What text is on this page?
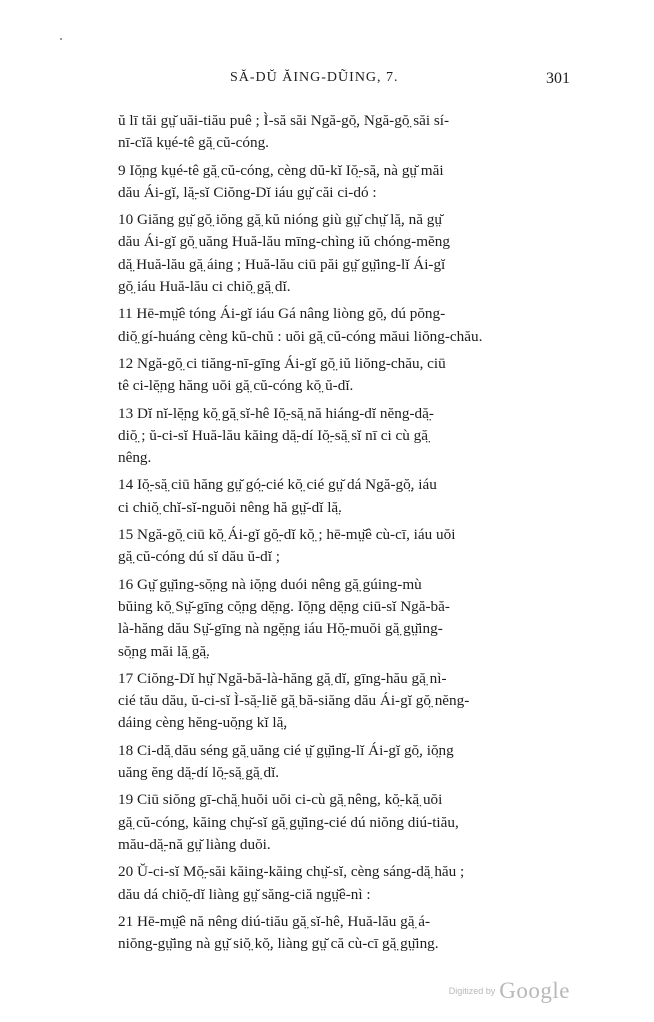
SĂ-DŬ ĂING-DŨING, 7.	301
ŭ lī tăi gṳ̆ uăi-tiău puê ; Ì-să săi Ngă-gŏ̤, Ngă-gŏ̤ săi sí-
nī-cĭă kṳé-tê gă̤ cŭ-cóng.
9 Iŏ̤ng kṳé-tê gă̤ cŭ-cóng, cèng dŭ-kĭ Iŏ̤-să̤, nà gṳ̆ măi
dău Ái-gĭ, lă̤-sĭ Ciŏng-Dĭ iáu gṳ̆ căi ci-dó :
10 Giăng gṳ̆ gŏ̤ iŏng gă̤ kŭ nióng giù gṳ̆ chṳ̆ lă̤, nă gṳ̆
dău Ái-gĭ gŏ̤ uăng Huă-lău mīng-chìng iŭ chóng-mĕng
dă̤ Huă-lău gă̤ áing ; Huă-lău ciū păi gṳ̆ gṳ̆ing-lĭ Ái-gĭ
gŏ̤ iáu Huă-lău ci chiŏ̤ gă̤ dĭ.
11 Hē-mṳ̆ê tóng Ái-gĭ iáu Gá nâng liòng gŏ̤, dú pŏng-
diŏ̤ gí-huáng cèng kŭ-chŭ : uŏi gă̤ cŭ-cóng măui liŏng-chău.
12 Ngă-gŏ̤ ci tiăng-nī-gīng Ái-gĭ gŏ̤ iŭ liŏng-chău, ciū
tê ci-lĕ̤ng hăng uŏi gă̤ cŭ-cóng kŏ̤ ŭ-dĭ.
13 Dĭ nĭ-lĕ̤ng kŏ̤ gă̤ sĭ-hê Iŏ̤-să̤ nă hiáng-dĭ nĕng-dă̤-
diŏ̤ ; ŭ-ci-sĭ Huă-lău kăing dă̤-dí Iŏ̤-să̤ sĭ nī ci cù gă̤
nêng.
14 Iŏ̤-să̤ ciū hăng gṳ̆ gó̤-cié kŏ̤ cié gṳ̆ dá Ngă-gŏ̤, iáu
ci chiŏ̤ chĭ-sĭ-nguŏi nêng hă gṳ̆-dĭ lă̤.
15 Ngă-gŏ̤ ciū kŏ̤ Ái-gĭ gŏ̤-dĭ kŏ̤ ; hē-mṳ̆ê cù-cī, iáu uŏi
gă̤ cŭ-cóng dú sĭ dău ŭ-dĭ ;
16 Gṳ̆ gṳ̆ing-sŏ̤ng nà iŏ̤ng duói nêng gă̤ gúing-mù
bŭing kŏ̤ Sṳ̆-gīng cŏ̤ng dĕ̤ng. Iŏ̤ng dĕ̤ng ciū-sĭ Ngă-bă-
là-hăng dău Sṳ̆-gīng nà ngĕ̤ng iáu Hŏ̤-muŏi gă̤ gṳ̆ing-
sŏ̤ng măi lă̤ gă̤.
17 Ciŏng-Dĭ hṳ̆ Ngă-bă-là-hăng gă̤ dĭ, gīng-hău gă̤ nì-
cié tău dău, ŭ-ci-sĭ Ì-să̤-liĕ gă̤ bă-siăng dău Ái-gĭ gŏ̤ nĕng-
dáing cèng hĕng-uŏ̤ng kĭ lă̤,
18 Ci-dă̤ dău séng gă̤ uăng cié ṳ̆ gṳ̆ing-lĭ Ái-gĭ gŏ̤, iŏ̤ng
uăng ĕng dă̤-dí lŏ̤-să̤ gă̤ dĭ.
19 Ciū siŏng gī-chă̤ huŏi uŏi ci-cù gă̤ nêng, kŏ̤-kă̤ uŏi
gă̤ cŭ-cóng, kăing chṳ̆-sĭ gă̤ gṳ̆ing-cié dú niŏng diú-tiău,
mău-dă̤-nă gṳ̆ liàng duŏi.
20 Ŭ-ci-sĭ Mŏ̤-săi kăing-kăing chṳ̆-sĭ, cèng sáng-dă̤ hău ;
dău dá chiŏ̤-dĭ liàng gṳ̆ săng-ciă ngṳ̆ê-nì :
21 Hē-mṳ̆ê nă nêng diú-tiău gă̤ sĭ-hê, Huă-lău gă̤ á-
niŏng-gṳ̆ing nà gṳ̆ siŏ̤ kŏ̤, liàng gṳ̆ că cù-cī gă̤ gṳ̆ing.
Digitized by Google
